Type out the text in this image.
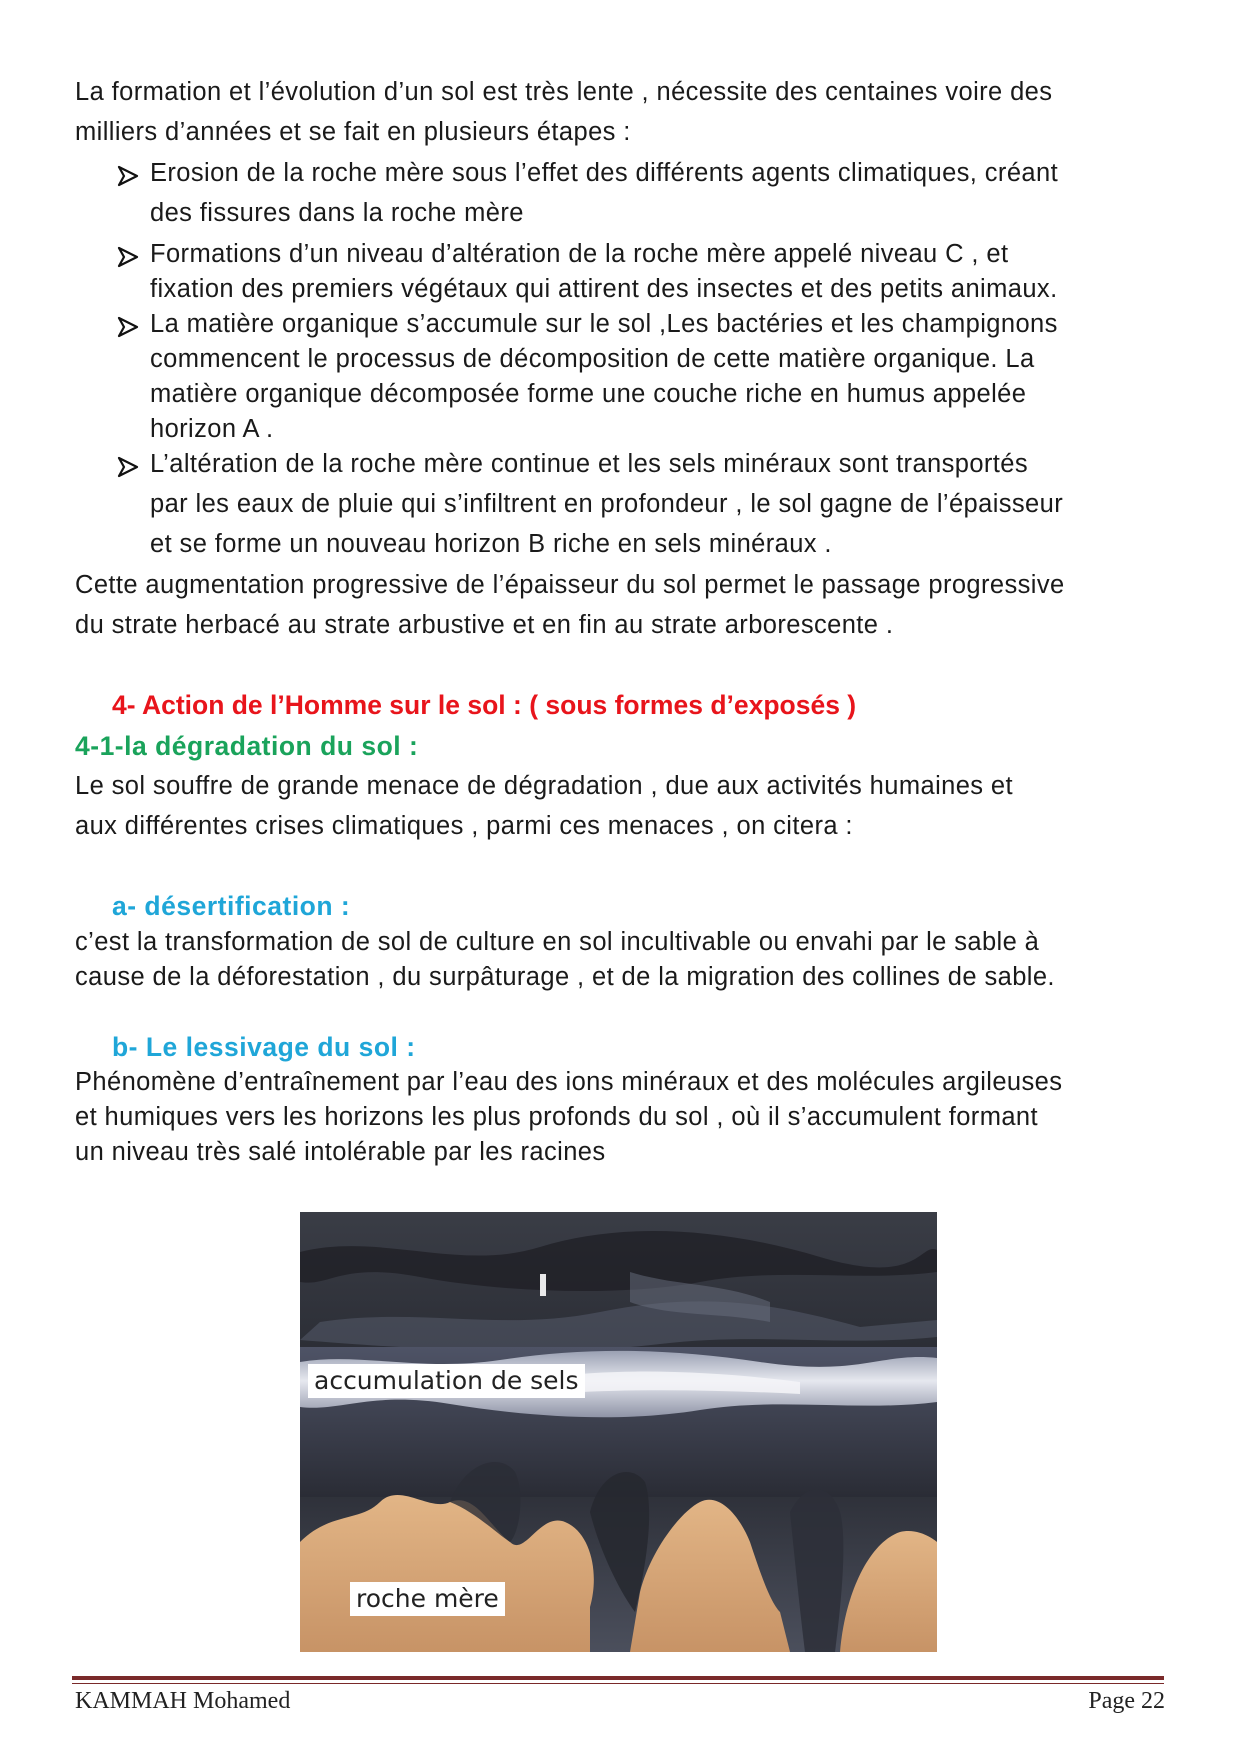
La formation et l’évolution d’un sol est très lente , nécessite des centaines voire des
milliers d’années et se fait en plusieurs étapes :
Erosion de la roche mère sous l’effet des différents agents climatiques, créant
des fissures dans la roche mère
Formations d’un niveau d’altération de la roche mère appelé niveau C , et
fixation des premiers végétaux qui attirent des insectes et des petits animaux.
La matière organique s’accumule sur le sol ,Les bactéries et les champignons
commencent le processus de décomposition de cette matière organique. La
matière organique décomposée forme une couche riche en humus appelée
horizon A .
L’altération de la roche mère continue et les sels minéraux sont transportés
par les eaux de pluie qui s’infiltrent en profondeur , le sol gagne de l’épaisseur
et se forme un nouveau horizon B riche en sels minéraux .
Cette augmentation progressive de l’épaisseur du sol permet le passage progressive
du strate herbacé au strate arbustive et en fin au strate arborescente .
4- Action de l’Homme sur le sol : ( sous formes d’exposés )
4-1-la dégradation du sol :
Le sol souffre de grande menace de dégradation , due aux activités humaines et
aux différentes crises climatiques , parmi ces menaces , on citera :
a- désertification :
c’est la transformation de sol de culture en sol incultivable ou envahi par le sable à
cause de la déforestation , du surpâturage , et de la migration des collines de sable.
b- Le lessivage du sol :
Phénomène d’entraînement par l’eau des ions minéraux et des molécules argileuses
et humiques vers les horizons les plus profonds du sol , où il s’accumulent formant
un niveau très salé intolérable par les racines
accumulation de sels
roche mère
KAMMAH Mohamed	Page 22
